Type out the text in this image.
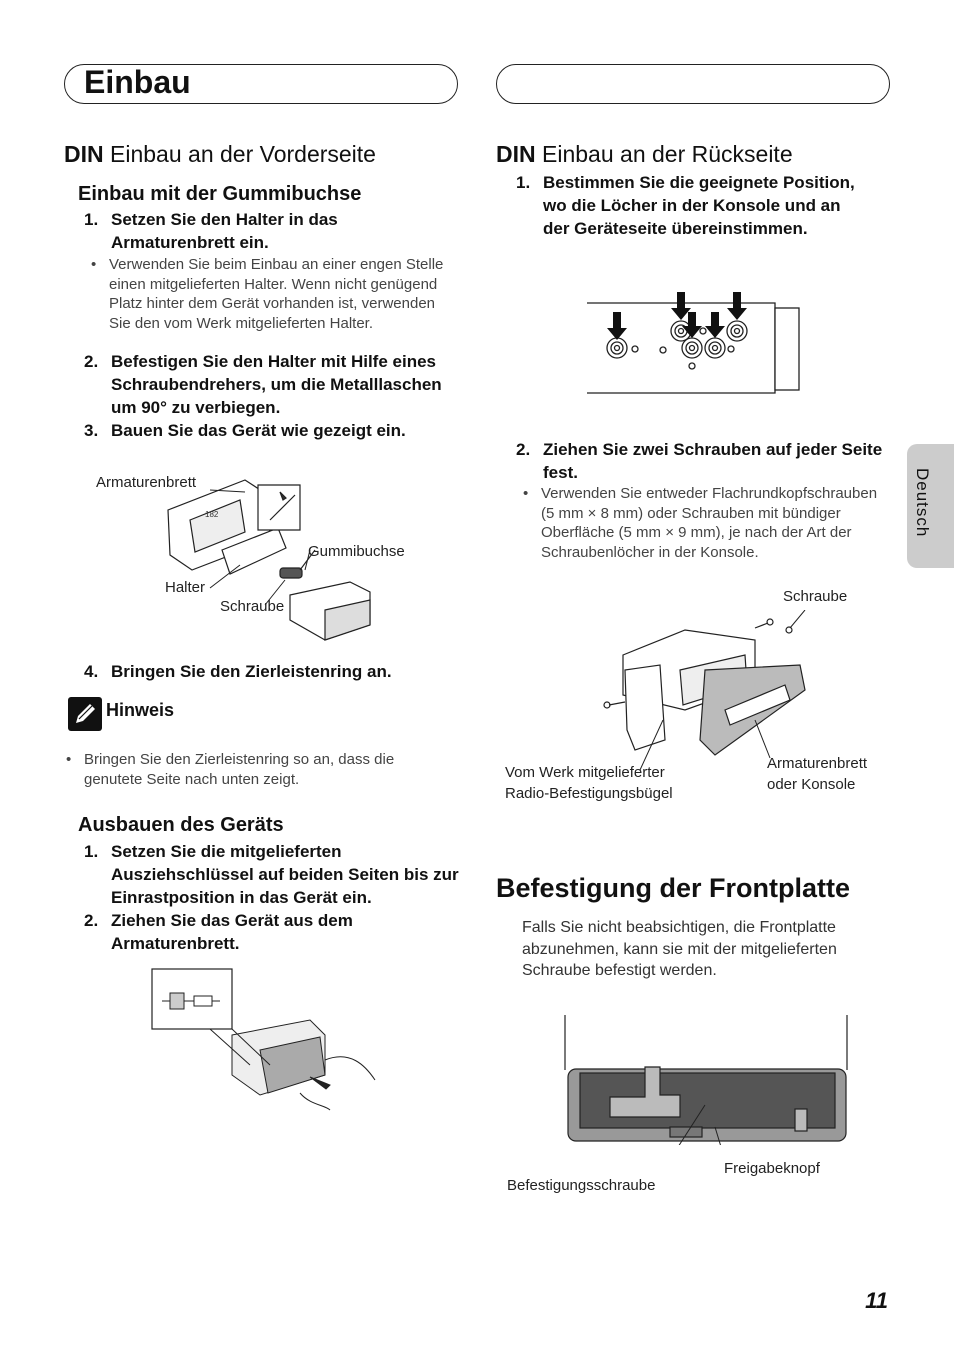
Einbau
Deutsch
DIN Einbau an der Vorderseite
Einbau mit der Gummibuchse
1. Setzen Sie den Halter in das Armaturenbrett ein.
• Verwenden Sie beim Einbau an einer engen Stelle einen mitgelieferten Halter. Wenn nicht genügend Platz hinter dem Gerät vorhanden ist, verwenden Sie den vom Werk mitgelieferten Halter.
2. Befestigen Sie den Halter mit Hilfe eines Schraubendrehers, um die Metalllaschen um 90° zu verbiegen.
3. Bauen Sie das Gerät wie gezeigt ein.
182
Armaturenbrett
Gummibuchse
Halter
Schraube
4. Bringen Sie den Zierleistenring an.
Hinweis
• Bringen Sie den Zierleistenring so an, dass die genutete Seite nach unten zeigt.
Ausbauen des Geräts
1. Setzen Sie die mitgelieferten Ausziehschlüssel auf beiden Seiten bis zur Einrastposition in das Gerät ein.
2. Ziehen Sie das Gerät aus dem Armaturenbrett.
DIN Einbau an der Rückseite
1. Bestimmen Sie die geeignete Position, wo die Löcher in der Konsole und an der Geräteseite übereinstimmen.
2. Ziehen Sie zwei Schrauben auf jeder Seite fest.
• Verwenden Sie entweder Flachrundkopfschrauben (5 mm × 8 mm) oder Schrauben mit bündiger Oberfläche (5 mm × 9 mm), je nach der Art der Schraubenlöcher in der Konsole.
Schraube
Vom Werk mitgelieferter
Radio-Befestigungsbügel
Armaturenbrett
oder Konsole
Befestigung der Frontplatte
Falls Sie nicht beabsichtigen, die Frontplatte abzunehmen, kann sie mit der mitgelieferten Schraube befestigt werden.
Freigabeknopf
Befestigungsschraube
11
